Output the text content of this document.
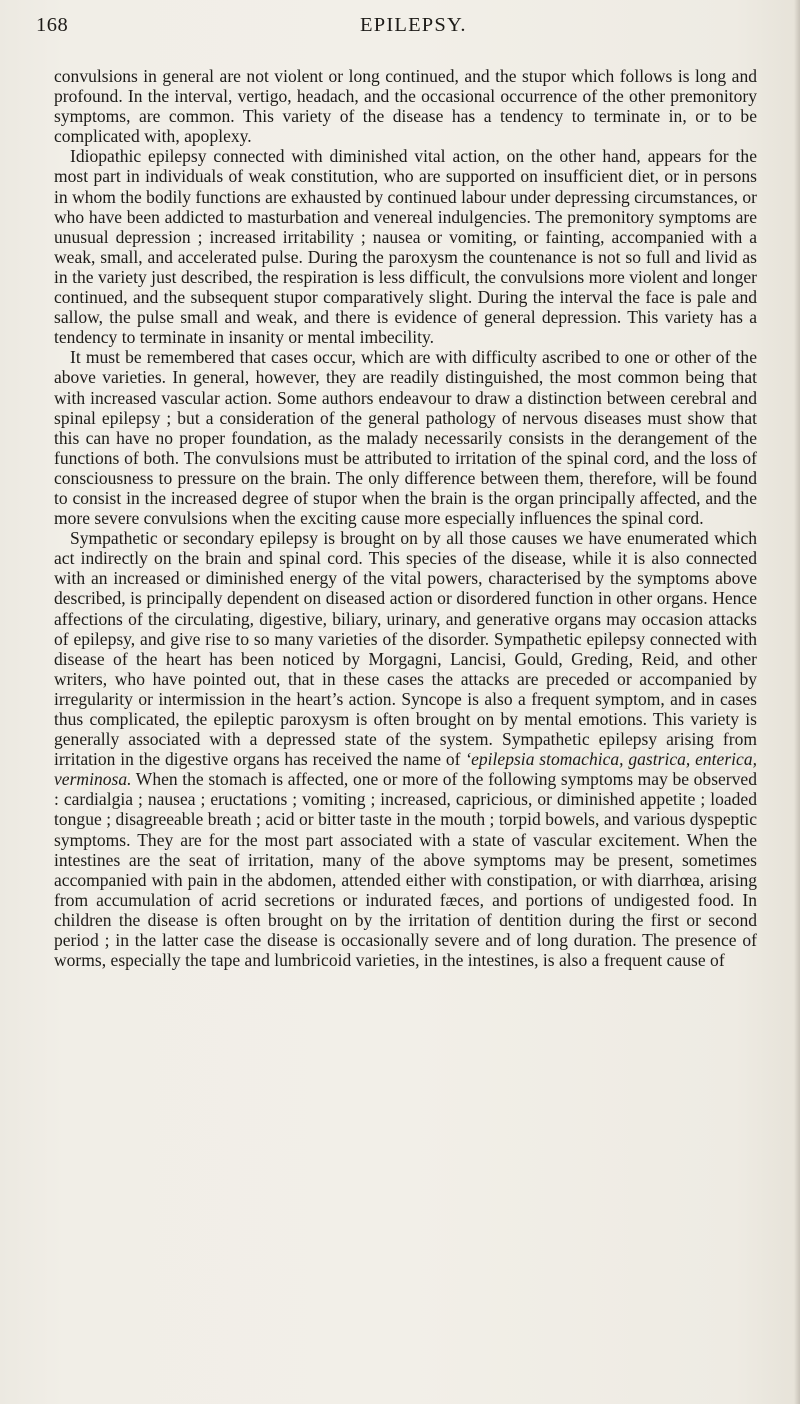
168	EPILEPSY.

convulsions in general are not violent or long continued, and the stupor which follows is long and profound. In the interval, vertigo, headach, and the occasional occurrence of the other premonitory symptoms, are common. This variety of the disease has a tendency to terminate in, or to be complicated with, apoplexy.

Idiopathic epilepsy connected with diminished vital action, on the other hand, appears for the most part in individuals of weak constitution, who are supported on insufficient diet, or in persons in whom the bodily functions are exhausted by continued labour under depressing circumstances, or who have been addicted to masturbation and venereal indulgencies. The premonitory symptoms are unusual depression ; increased irritability ; nausea or vomiting, or fainting, accompanied with a weak, small, and accelerated pulse. During the paroxysm the countenance is not so full and livid as in the variety just described, the respiration is less difficult, the convulsions more violent and longer continued, and the subsequent stupor comparatively slight. During the interval the face is pale and sallow, the pulse small and weak, and there is evidence of general depression. This variety has a tendency to terminate in insanity or mental imbecility.

It must be remembered that cases occur, which are with difficulty ascribed to one or other of the above varieties. In general, however, they are readily distinguished, the most common being that with increased vascular action. Some authors endeavour to draw a distinction between cerebral and spinal epilepsy ; but a consideration of the general pathology of nervous diseases must show that this can have no proper foundation, as the malady necessarily consists in the derangement of the functions of both. The convulsions must be attributed to irritation of the spinal cord, and the loss of consciousness to pressure on the brain. The only difference between them, therefore, will be found to consist in the increased degree of stupor when the brain is the organ principally affected, and the more severe convulsions when the exciting cause more especially influences the spinal cord.

Sympathetic or secondary epilepsy is brought on by all those causes we have enumerated which act indirectly on the brain and spinal cord. This species of the disease, while it is also connected with an increased or diminished energy of the vital powers, characterised by the symptoms above described, is principally dependent on diseased action or disordered function in other organs. Hence affections of the circulating, digestive, biliary, urinary, and generative organs may occasion attacks of epilepsy, and give rise to so many varieties of the disorder. Sympathetic epilepsy connected with disease of the heart has been noticed by Morgagni, Lancisi, Gould, Greding, Reid, and other writers, who have pointed out, that in these cases the attacks are preceded or accompanied by irregularity or intermission in the heart’s action. Syncope is also a frequent symptom, and in cases thus complicated, the epileptic paroxysm is often brought on by mental emotions. This variety is generally associated with a depressed state of the system. Sympathetic epilepsy arising from irritation in the digestive organs has received the name of ‘epilepsia stomachica, gastrica, enterica, verminosa. When the stomach is affected, one or more of the following symptoms may be observed : cardialgia ; nausea ; eructations ; vomiting ; increased, capricious, or diminished appetite ; loaded tongue ; disagreeable breath ; acid or bitter taste in the mouth ; torpid bowels, and various dyspeptic symptoms. They are for the most part associated with a state of vascular excitement. When the intestines are the seat of irritation, many of the above symptoms may be present, sometimes accompanied with pain in the abdomen, attended either with constipation, or with diarrhœa, arising from accumulation of acrid secretions or indurated fæces, and portions of undigested food. In children the disease is often brought on by the irritation of dentition during the first or second period ; in the latter case the disease is occasionally severe and of long duration. The presence of worms, especially the tape and lumbricoid varieties, in the intestines, is also a frequent cause of
